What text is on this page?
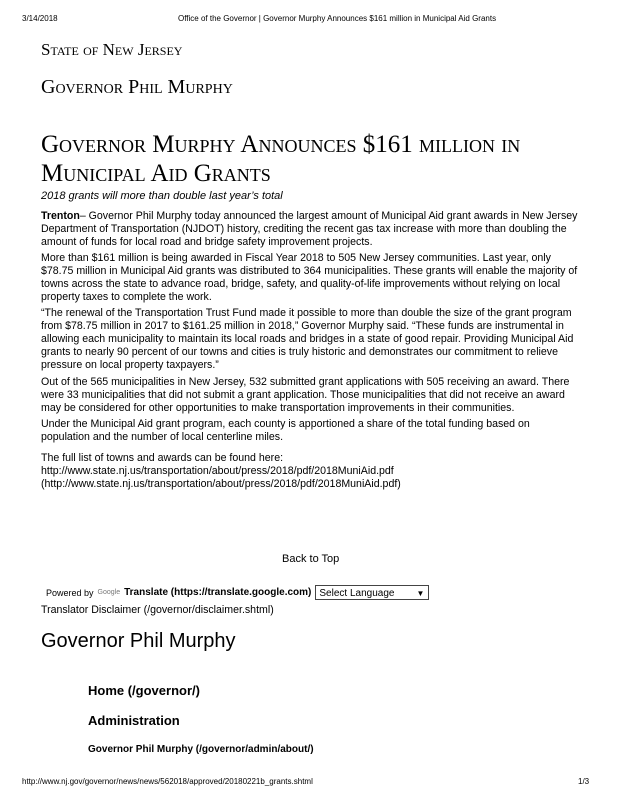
3/14/2018	Office of the Governor | Governor Murphy Announces $161 million in Municipal Aid Grants
State of New Jersey
Governor Phil Murphy
Governor Murphy Announces $161 million in Municipal Aid Grants
2018 grants will more than double last year’s total
Trenton– Governor Phil Murphy today announced the largest amount of Municipal Aid grant awards in New Jersey Department of Transportation (NJDOT) history, crediting the recent gas tax increase with more than doubling the amount of funds for local road and bridge safety improvement projects.
More than $161 million is being awarded in Fiscal Year 2018 to 505 New Jersey communities. Last year, only $78.75 million in Municipal Aid grants was distributed to 364 municipalities. These grants will enable the majority of towns across the state to advance road, bridge, safety, and quality-of-life improvements without relying on local property taxes to complete the work.
“The renewal of the Transportation Trust Fund made it possible to more than double the size of the grant program from $78.75 million in 2017 to $161.25 million in 2018,” Governor Murphy said. “These funds are instrumental in allowing each municipality to maintain its local roads and bridges in a state of good repair. Providing Municipal Aid grants to nearly 90 percent of our towns and cities is truly historic and demonstrates our commitment to relieve pressure on local property taxpayers.”
Out of the 565 municipalities in New Jersey, 532 submitted grant applications with 505 receiving an award. There were 33 municipalities that did not submit a grant application. Those municipalities that did not receive an award may be considered for other opportunities to make transportation improvements in their communities.
Under the Municipal Aid grant program, each county is apportioned a share of the total funding based on population and the number of local centerline miles.
The full list of towns and awards can be found here:
http://www.state.nj.us/transportation/about/press/2018/pdf/2018MuniAid.pdf
(http://www.state.nj.us/transportation/about/press/2018/pdf/2018MuniAid.pdf)
Back to Top
Powered by Google Translate (https://translate.google.com) Select Language	▼
Translator Disclaimer (/governor/disclaimer.shtml)
Governor Phil Murphy
Home (/governor/)
Administration
Governor Phil Murphy (/governor/admin/about/)
http://www.nj.gov/governor/news/news/562018/approved/20180221b_grants.shtml	1/3
